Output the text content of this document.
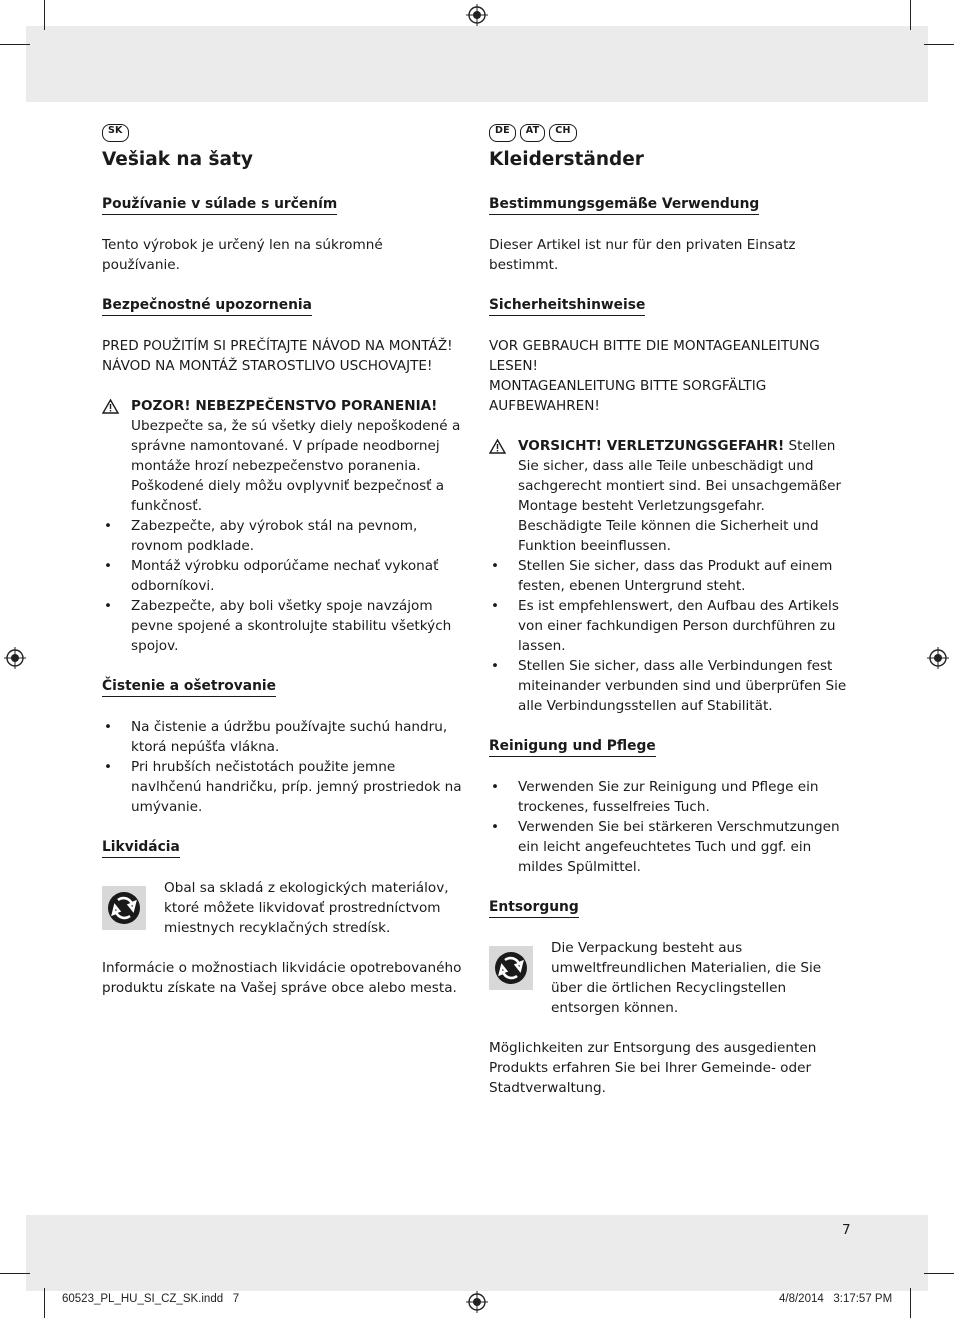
SK
Vešiak na šaty
Používanie v súlade s určením

Tento výrobok je určený len na súkromné používanie.

Bezpečnostné upozornenia
PRED POUŽITÍM SI PREČÍTAJTE NÁVOD NA MONTÁŽ!
NÁVOD NA MONTÁŽ STAROSTLIVO USCHOVAJTE!
POZOR! NEBEZPEČENSTVO PORANENIA!
Ubezpečte sa, že sú všetky diely nepoškodené a správne namontované. V prípade neodbornej montáže hrozí nebezpečenstvo poranenia. Poškodené diely môžu ovplyvniť bezpečnosť a funkčnosť.
• Zabezpečte, aby výrobok stál na pevnom, rovnom podklade.
• Montáž výrobku odporúčame nechať vykonať odborníkovi.
• Zabezpečte, aby boli všetky spoje navzájom pevne spojené a skontrolujte stabilitu všetkých spojov.
Čistenie a ošetrovanie
• Na čistenie a údržbu používajte suchú handru, ktorá nepúšťa vlákna.
• Pri hrubších nečistotách použite jemne navlhčenú handričku, príp. jemný prostriedok na umývanie.
Likvidácia
Obal sa skladá z ekologických materiálov, ktoré môžete likvidovať prostredníctvom miestnych recyklačných stredísk.

Informácie o možnostiach likvidácie opotrebovaného produktu získate na Vašej správe obce alebo mesta.

DE	AT	CH
Kleiderständer
Bestimmungsgemäße Verwendung

Dieser Artikel ist nur für den privaten Einsatz bestimmt.

Sicherheitshinweise
VOR GEBRAUCH BITTE DIE MONTAGEANLEITUNG
LESEN!
MONTAGEANLEITUNG BITTE SORGFÄLTIG
AUFBEWAHREN!
VORSICHT! VERLETZUNGSGEFAHR! Stellen Sie sicher, dass alle Teile unbeschädigt und sachgerecht montiert sind. Bei unsachgemäßer Montage besteht Verletzungsgefahr. Beschädigte Teile können die Sicherheit und Funktion beeinflussen.
• Stellen Sie sicher, dass das Produkt auf einem festen, ebenen Untergrund steht.
• Es ist empfehlenswert, den Aufbau des Artikels von einer fachkundigen Person durchführen zu lassen.
• Stellen Sie sicher, dass alle Verbindungen fest miteinander verbunden sind und überprüfen Sie alle Verbindungsstellen auf Stabilität.
Reinigung und Pflege
• Verwenden Sie zur Reinigung und Pflege ein trockenes, fusselfreies Tuch.
• Verwenden Sie bei stärkeren Verschmutzungen ein leicht angefeuchtetes Tuch und ggf. ein mildes Spülmittel.
Entsorgung
Die Verpackung besteht aus umweltfreundlichen Materialien, die Sie über die örtlichen Recyclingstellen entsorgen können.

Möglichkeiten zur Entsorgung des ausgedienten Produkts erfahren Sie bei Ihrer Gemeinde- oder Stadtverwaltung.

7
60523_PL_HU_SI_CZ_SK.indd   7	4/8/2014   3:17:57 PM
